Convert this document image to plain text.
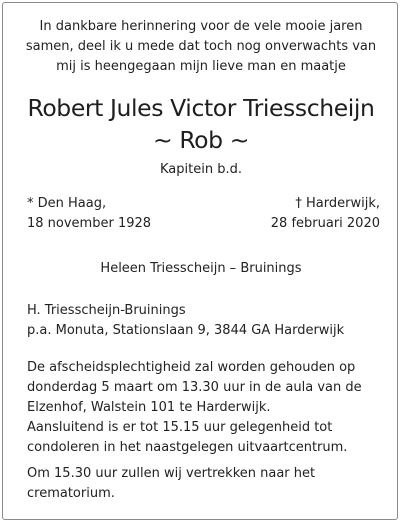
In dankbare herinnering voor de vele mooie jaren
samen, deel ik u mede dat toch nog onverwachts van
mij is heengegaan mijn lieve man en maatje
Robert Jules Victor Triesscheijn
~ Rob ~
Kapitein b.d.
* Den Haag,
18 november 1928
† Harderwijk,
28 februari 2020
Heleen Triesscheijn – Bruinings
H. Triesscheijn-Bruinings
p.a. Monuta, Stationslaan 9, 3844 GA Harderwijk
De afscheidsplechtigheid zal worden gehouden op
donderdag 5 maart om 13.30 uur in de aula van de
Elzenhof, Walstein 101 te Harderwijk.
Aansluitend is er tot 15.15 uur gelegenheid tot
condoleren in het naastgelegen uitvaartcentrum.
Om 15.30 uur zullen wij vertrekken naar het
crematorium.
